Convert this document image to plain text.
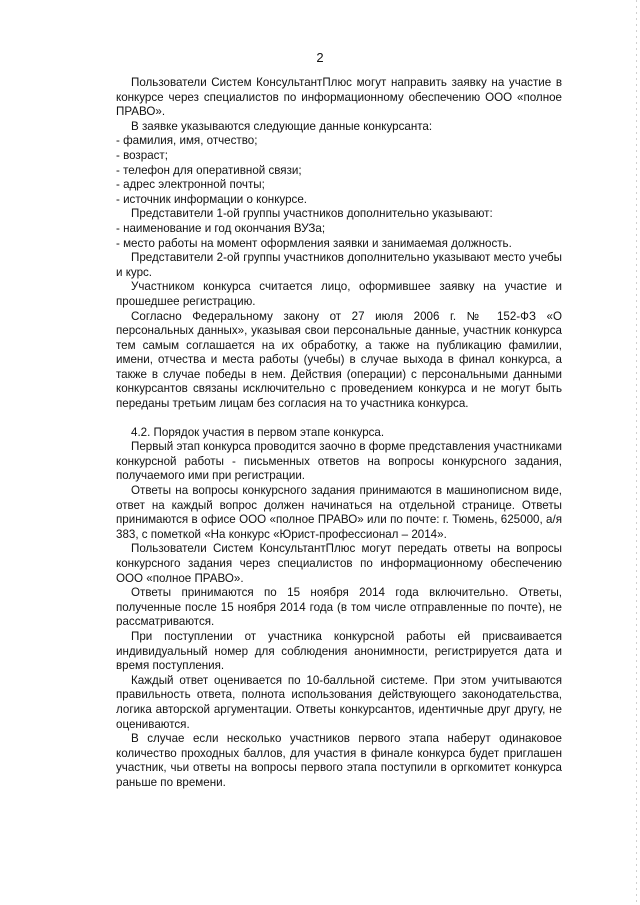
2

Пользователи Систем КонсультантПлюс могут направить заявку на участие в конкурсе через специалистов по информационному обеспечению ООО «полное ПРАВО».

В заявке указываются следующие данные конкурсанта:

- фамилия, имя, отчество;

- возраст;

- телефон для оперативной связи;

- адрес электронной почты;

- источник информации о конкурсе.

Представители 1-ой группы участников дополнительно указывают:

- наименование и год окончания ВУЗа;

- место работы на момент оформления заявки и занимаемая должность.

Представители 2-ой группы участников дополнительно указывают место учебы и курс.

Участником конкурса считается лицо, оформившее заявку на участие и прошедшее регистрацию.

Согласно Федеральному закону от 27 июля 2006 г. № 152-ФЗ «О персональных данных», указывая свои персональные данные, участник конкурса тем самым соглашается на их обработку, а также на публикацию фамилии, имени, отчества и места работы (учебы) в случае выхода в финал конкурса, а также в случае победы в нем. Действия (операции) с персональными данными конкурсантов связаны исключительно с проведением конкурса и не могут быть переданы третьим лицам без согласия на то участника конкурса.

4.2. Порядок участия в первом этапе конкурса.

Первый этап конкурса проводится заочно в форме представления участниками конкурсной работы - письменных ответов на вопросы конкурсного задания, получаемого ими при регистрации.

Ответы на вопросы конкурсного задания принимаются в машинописном виде, ответ на каждый вопрос должен начинаться на отдельной странице. Ответы принимаются в офисе ООО «полное ПРАВО» или по почте: г. Тюмень, 625000, а/я 383, с пометкой «На конкурс «Юрист-профессионал – 2014».

Пользователи Систем КонсультантПлюс могут передать ответы на вопросы конкурсного задания через специалистов по информационному обеспечению ООО «полное ПРАВО».

Ответы принимаются по 15 ноября 2014 года включительно. Ответы, полученные после 15 ноября 2014 года (в том числе отправленные по почте), не рассматриваются.

При поступлении от участника конкурсной работы ей присваивается индивидуальный номер для соблюдения анонимности, регистрируется дата и время поступления.

Каждый ответ оценивается по 10-балльной системе. При этом учитываются правильность ответа, полнота использования действующего законодательства, логика авторской аргументации. Ответы конкурсантов, идентичные друг другу, не оцениваются.

В случае если несколько участников первого этапа наберут одинаковое количество проходных баллов, для участия в финале конкурса будет приглашен участник, чьи ответы на вопросы первого этапа поступили в оргкомитет конкурса раньше по времени.
